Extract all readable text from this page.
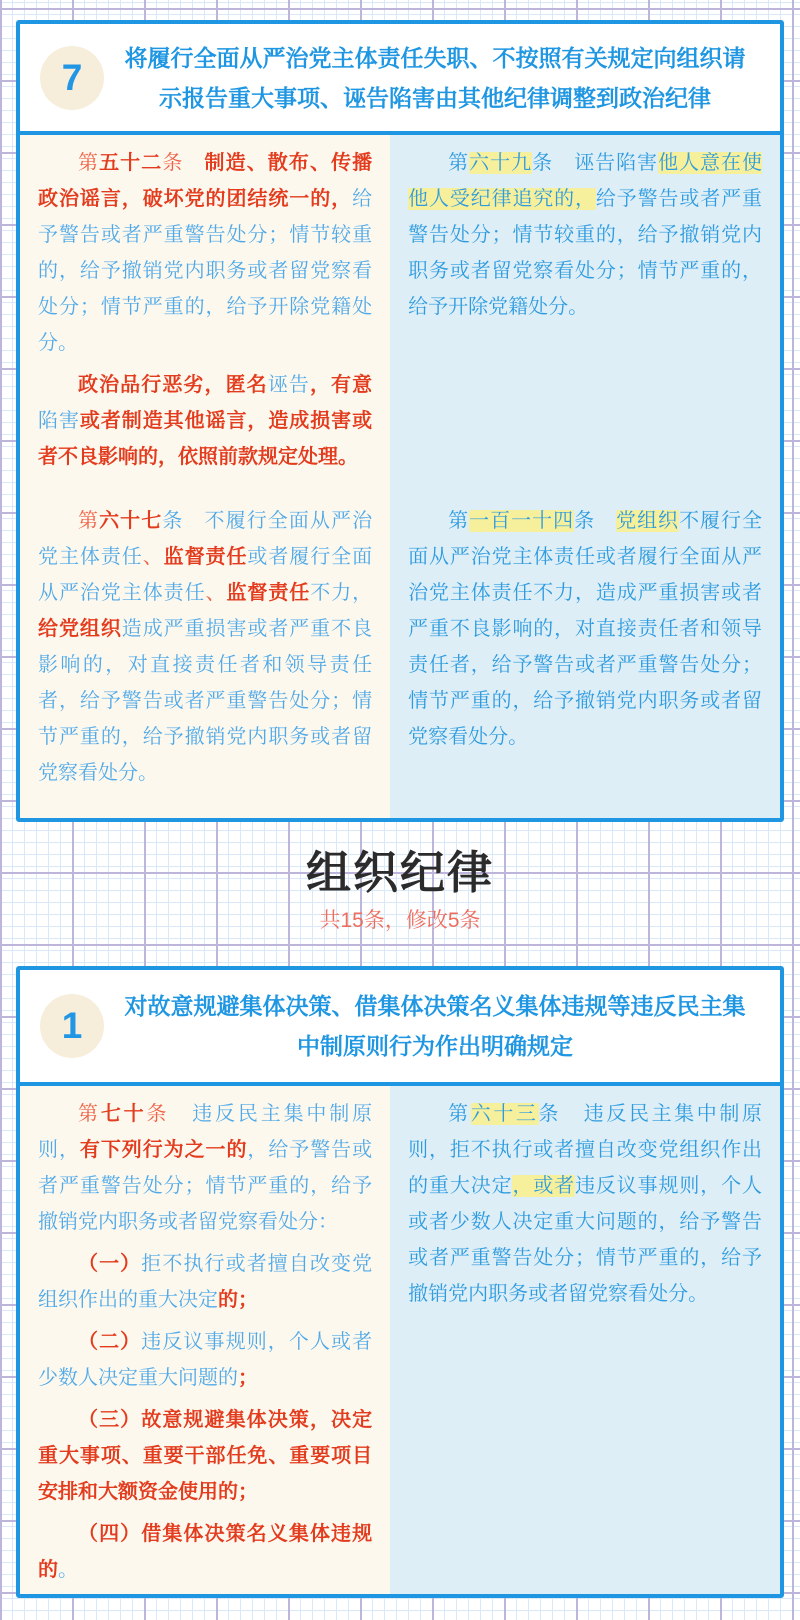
7	将履行全面从严治党主体责任失职、不按照有关规定向组织请示报告重大事项、诬告陷害由其他纪律调整到政治纪律

第五十二条　 制造、散布、传播政治谣言，破坏党的团结统一的，给予警告或者严重警告处分；情节较重的，给予撤销党内职务或者留党察看处分；情节严重的，给予开除党籍处分。

政治品行恶劣，匿名诬告，有意陷害或者制造其他谣言，造成损害或者不良影响的，依照前款规定处理。

第六十九条　诬告陷害他人意在使他人受纪律追究的，给予警告或者严重警告处分；情节较重的，给予撤销党内职务或者留党察看处分；情节严重的，给予开除党籍处分。

第六十七条　不履行全面从严治党主体责任、监督责任或者履行全面从严治党主体责任、监督责任不力，给党组织造成严重损害或者严重不良影响的，对直接责任者和领导责任者，给予警告或者严重警告处分；情节严重的，给予撤销党内职务或者留党察看处分。

第一百一十四条　 党组织不履行全面从严治党主体责任或者履行全面从严治党主体责任不力，造成严重损害或者严重不良影响的，对直接责任者和领导责任者，给予警告或者严重警告处分；情节严重的，给予撤销党内职务或者留党察看处分。

组织纪律
共15条，修改5条
1	对故意规避集体决策、借集体决策名义集体违规等违反民主集中制原则行为作出明确规定

第七十条　违反民主集中制原则，有下列行为之一的，给予警告或者严重警告处分；情节严重的，给予撤销党内职务或者留党察看处分：

（一）拒不执行或者擅自改变党组织作出的重大决定的；

（二）违反议事规则，个人或者少数人决定重大问题的；

（三）故意规避集体决策，决定重大事项、重要干部任免、重要项目安排和大额资金使用的；

（四）借集体决策名义集体违规的。

第六十三条　违反民主集中制原则，拒不执行或者擅自改变党组织作出的重大决定，或者违反议事规则，个人或者少数人决定重大问题的，给予警告或者严重警告处分；情节严重的，给予撤销党内职务或者留党察看处分。
